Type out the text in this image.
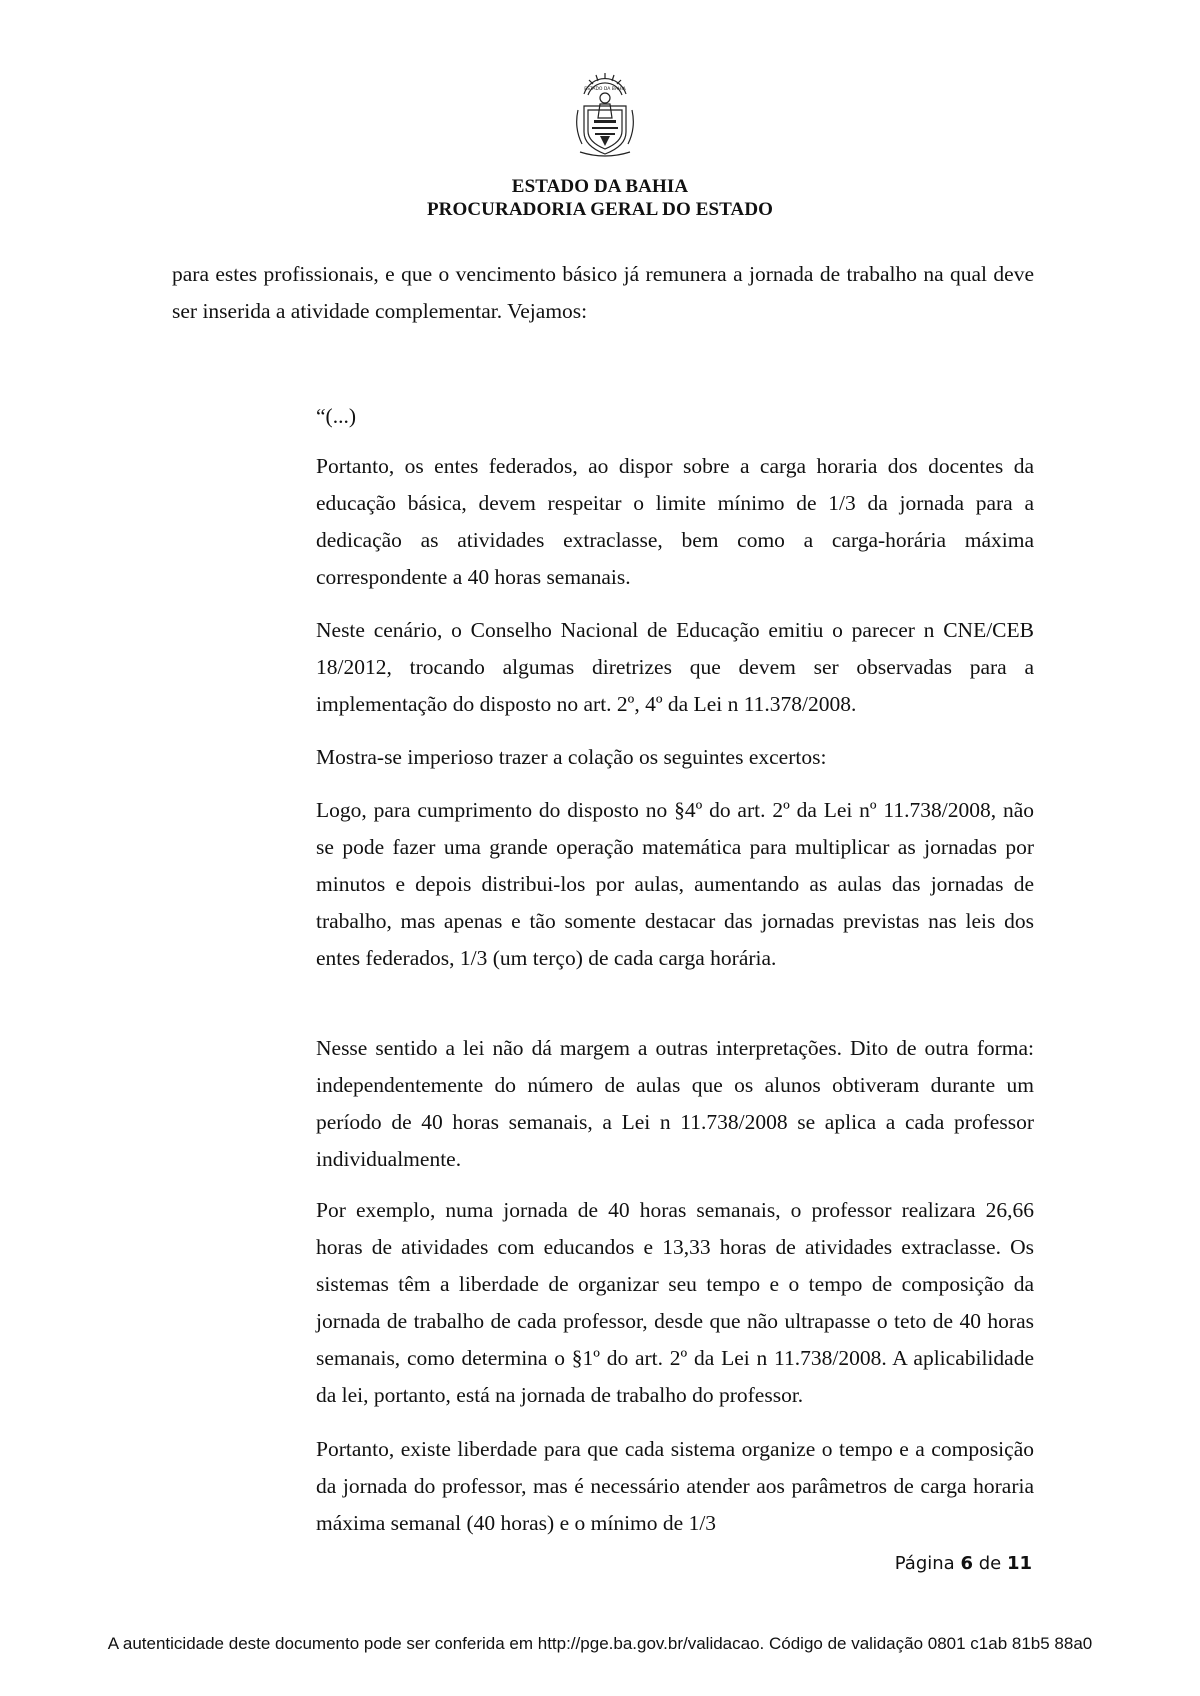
ESTADO DA BAHIA
ESTADO DA BAHIA
PROCURADORIA GERAL DO ESTADO

para estes profissionais, e que o vencimento básico já remunera a jornada de trabalho na qual deve ser inserida a atividade complementar. Vejamos:

“(...)

Portanto, os entes federados, ao dispor sobre a carga horaria dos docentes da educação básica, devem respeitar o limite mínimo de 1/3 da jornada para a dedicação as atividades extraclasse, bem como a carga-horária máxima correspondente a 40 horas semanais.

Neste cenário, o Conselho Nacional de Educação emitiu o parecer n CNE/CEB 18/2012, trocando algumas diretrizes que devem ser observadas para a implementação do disposto no art. 2º, 4º da Lei n 11.378/2008.

Mostra-se imperioso trazer a colação os seguintes excertos:

Logo, para cumprimento do disposto no §4º do art. 2º da Lei nº 11.738/2008, não se pode fazer uma grande operação matemática para multiplicar as jornadas por minutos e depois distribui-los por aulas, aumentando as aulas das jornadas de trabalho, mas apenas e tão somente destacar das jornadas previstas nas leis dos entes federados, 1/3 (um terço) de cada carga horária.

Nesse sentido a lei não dá margem a outras interpretações. Dito de outra forma: independentemente do número de aulas que os alunos obtiveram durante um período de 40 horas semanais, a Lei n 11.738/2008 se aplica a cada professor individualmente.

Por exemplo, numa jornada de 40 horas semanais, o professor realizara 26,66 horas de atividades com educandos e 13,33 horas de atividades extraclasse. Os sistemas têm a liberdade de organizar seu tempo e o tempo de composição da jornada de trabalho de cada professor, desde que não ultrapasse o teto de 40 horas semanais, como determina o §1º do art. 2º da Lei n 11.738/2008. A aplicabilidade da lei, portanto, está na jornada de trabalho do professor.

Portanto, existe liberdade para que cada sistema organize o tempo e a composição da jornada do professor, mas é necessário atender aos parâmetros de carga horaria máxima semanal (40 horas) e o mínimo de 1/3

Página 6 de 11
A autenticidade deste documento pode ser conferida em http://pge.ba.gov.br/validacao. Código de validação 0801 c1ab 81b5 88a0
